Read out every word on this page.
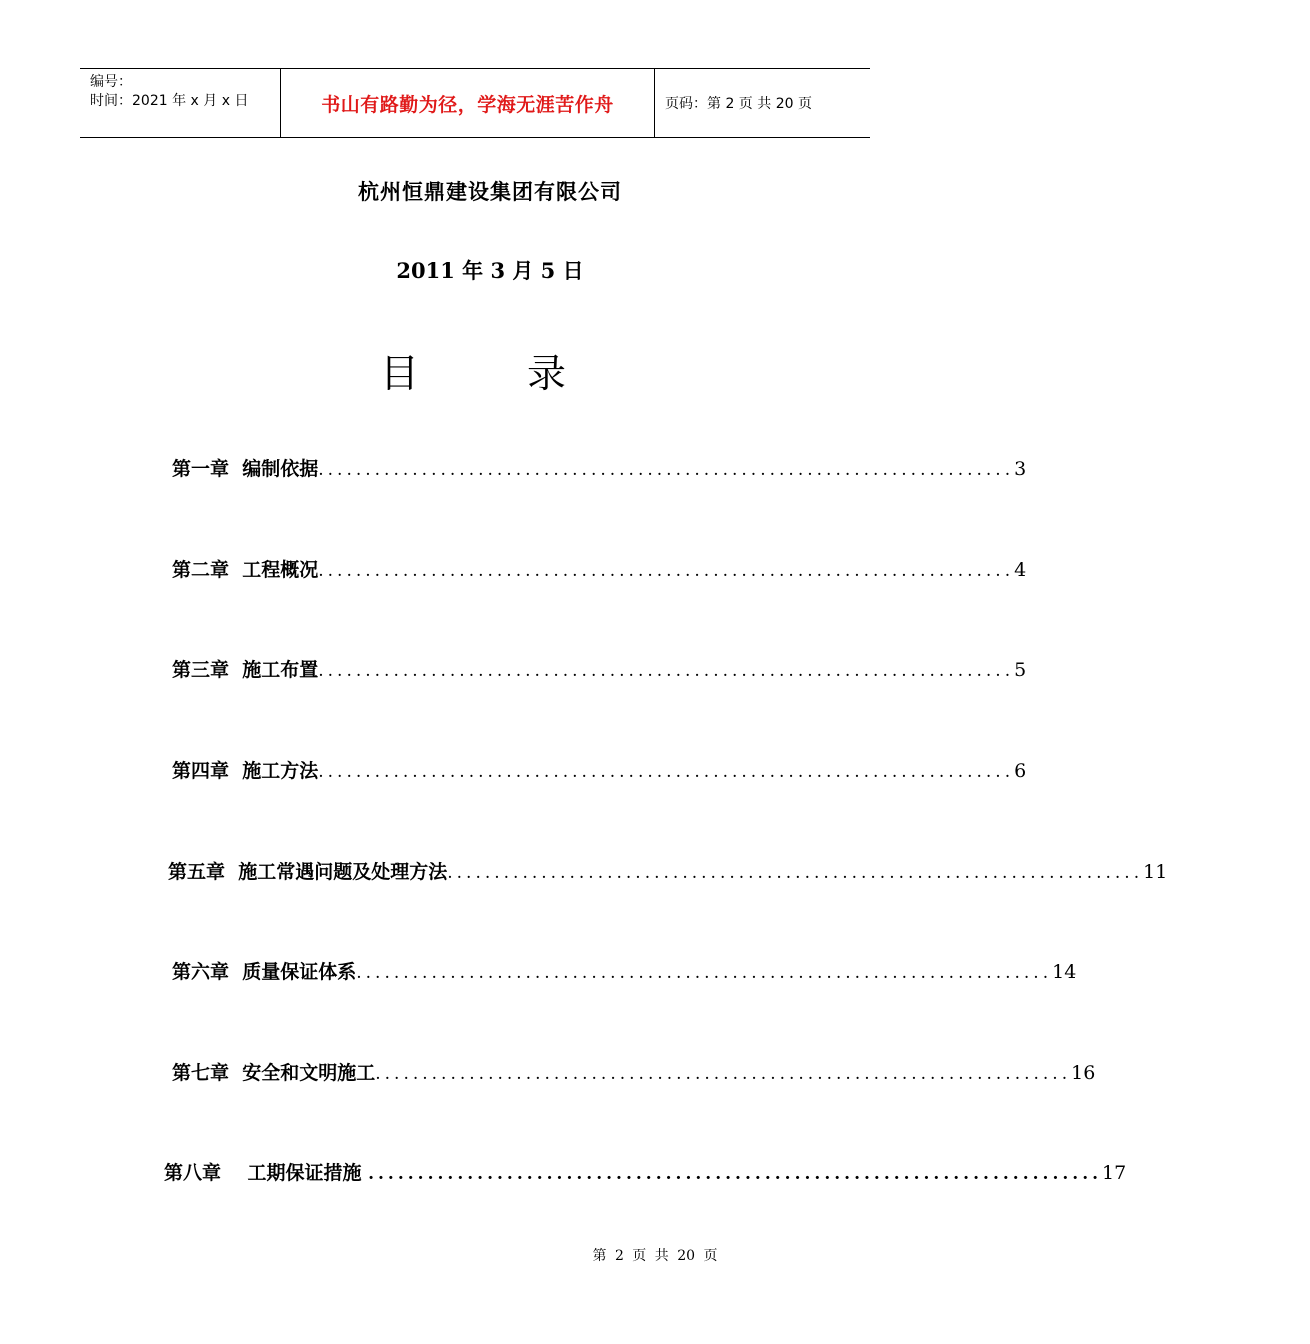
编号：
时间：2021 年 x 月 x 日	书山有路勤为径，学海无涯苦作舟	页码：第 2 页 共 20 页
杭州恒鼎建设集团有限公司
2011 年 3 月 5 日
目	录
第一章  编制依据 .......................................................................... 3
第二章  工程概况 .......................................................................... 4
第三章  施工布置 .......................................................................... 5
第四章  施工方法 .......................................................................... 6
第五章  施工常遇问题及处理方法 .......................................................................... 11
第六章  质量保证体系 .......................................................................... 14
第七章  安全和文明施工 .......................................................................... 16
第八章    工期保证措施 .......................................................................... 17
第 2 页 共 20 页
